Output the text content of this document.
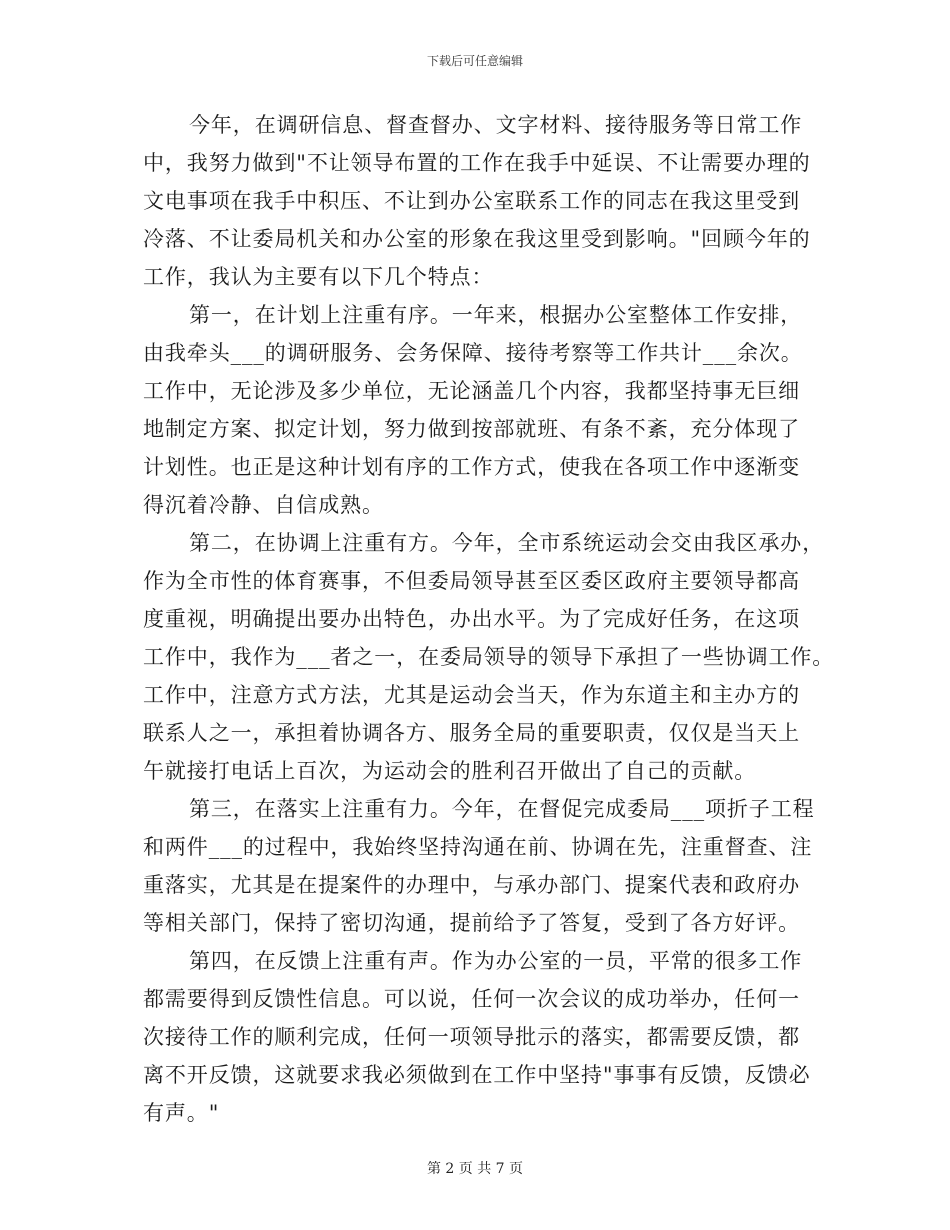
下载后可任意编辑
今年，在调研信息、督查督办、文字材料、接待服务等日常工作
中，我努力做到"不让领导布置的工作在我手中延误、不让需要办理的
文电事项在我手中积压、不让到办公室联系工作的同志在我这里受到
冷落、不让委局机关和办公室的形象在我这里受到影响。"回顾今年的
工作，我认为主要有以下几个特点：
第一，在计划上注重有序。一年来，根据办公室整体工作安排，
由我牵头___的调研服务、会务保障、接待考察等工作共计___余次。
工作中，无论涉及多少单位，无论涵盖几个内容，我都坚持事无巨细
地制定方案、拟定计划，努力做到按部就班、有条不紊，充分体现了
计划性。也正是这种计划有序的工作方式，使我在各项工作中逐渐变
得沉着冷静、自信成熟。
第二，在协调上注重有方。今年，全市系统运动会交由我区承办，
作为全市性的体育赛事，不但委局领导甚至区委区政府主要领导都高
度重视，明确提出要办出特色，办出水平。为了完成好任务，在这项
工作中，我作为___者之一，在委局领导的领导下承担了一些协调工作。
工作中，注意方式方法，尤其是运动会当天，作为东道主和主办方的
联系人之一，承担着协调各方、服务全局的重要职责，仅仅是当天上
午就接打电话上百次，为运动会的胜利召开做出了自己的贡献。
第三，在落实上注重有力。今年，在督促完成委局___项折子工程
和两件___的过程中，我始终坚持沟通在前、协调在先，注重督查、注
重落实，尤其是在提案件的办理中，与承办部门、提案代表和政府办
等相关部门，保持了密切沟通，提前给予了答复，受到了各方好评。
第四，在反馈上注重有声。作为办公室的一员，平常的很多工作
都需要得到反馈性信息。可以说，任何一次会议的成功举办，任何一
次接待工作的顺利完成，任何一项领导批示的落实，都需要反馈，都
离不开反馈，这就要求我必须做到在工作中坚持"事事有反馈，反馈必
有声。"
第 2 页 共 7 页
